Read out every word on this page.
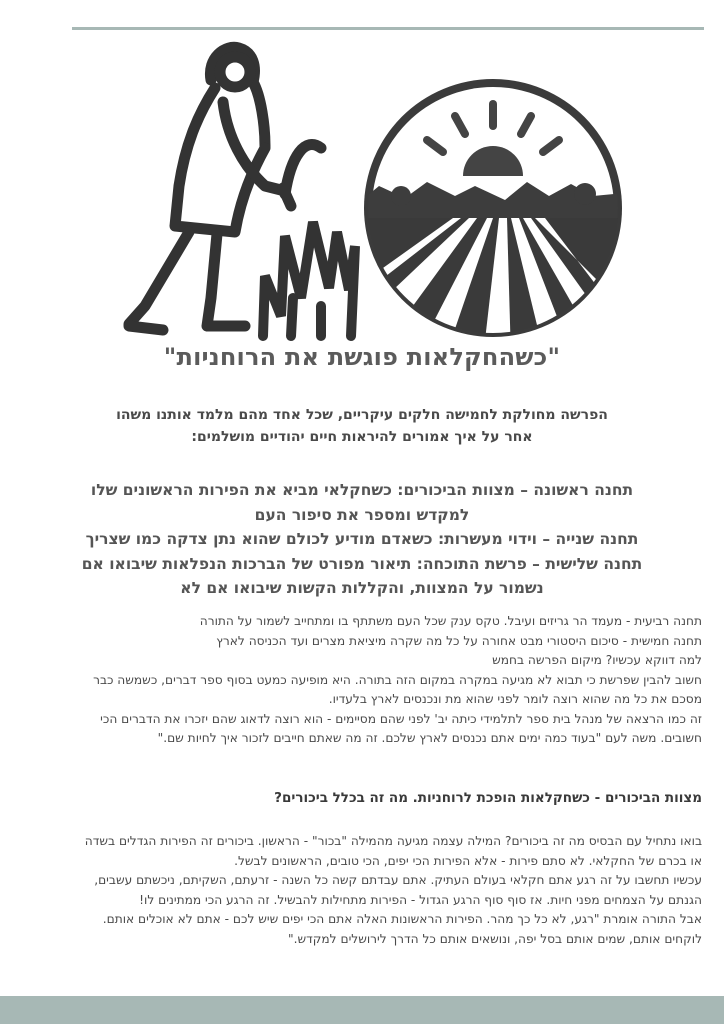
"כשהחקלאות פוגשת את הרוחניות"
הפרשה מחולקת לחמישה חלקים עיקריים, שכל אחד מהם מלמד אותנו משהו
אחר על איך אמורים להיראות חיים יהודיים מושלמים:

תחנה ראשונה – מצוות הביכורים: כשחקלאי מביא את הפירות הראשונים שלו

למקדש ומספר את סיפור העם

תחנה שנייה – וידוי מעשרות: כשאדם מודיע לכולם שהוא נתן צדקה כמו שצריך

תחנה שלישית – פרשת התוכחה: תיאור מפורט של הברכות הנפלאות שיבואו אם

נשמור על המצוות, והקללות הקשות שיבואו אם לא

תחנה רביעית - מעמד הר גריזים ועיבל. טקס ענק שכל העם משתתף בו ומתחייב לשמור על התורה

תחנה חמישית - סיכום היסטורי מבט אחורה על כל מה שקרה מיציאת מצרים ועד הכניסה לארץ

למה דווקא עכשיו? מיקום הפרשה בחמש

חשוב להבין שפרשת כי תבוא לא מגיעה במקרה במקום הזה בתורה. היא מופיעה כמעט בסוף ספר דברים, כשמשה כבר

מסכם את כל מה שהוא רוצה לומר לפני שהוא מת ונכנסים לארץ בלעדיו.

זה כמו הרצאה של מנהל בית ספר לתלמידי כיתה יב' לפני שהם מסיימים - הוא רוצה לדאוג שהם יזכרו את הדברים הכי

חשובים. משה לעם "בעוד כמה ימים אתם נכנסים לארץ שלכם. זה מה שאתם חייבים לזכור איך לחיות שם."

מצוות הביכורים - כשחקלאות הופכת לרוחניות. מה זה בכלל ביכורים?

בואו נתחיל עם הבסיס מה זה ביכורים? המילה עצמה מגיעה מהמילה "בכור" - הראשון. ביכורים זה הפירות הגדלים בשדה

או בכרם של החקלאי. לא סתם פירות - אלא הפירות הכי יפים, הכי טובים, הראשונים לבשל.

עכשיו תחשבו על זה רגע אתם חקלאי בעולם העתיק. אתם עבדתם קשה כל השנה - זרעתם, השקיתם, ניכשתם עשבים,

הגנתם על הצמחים מפני חיות. אז סוף סוף הרגע הגדול - הפירות מתחילות להבשיל. זה הרגע הכי ממתינים לו!

אבל התורה אומרת "רגע, לא כל כך מהר. הפירות הראשונות האלה אתם הכי יפים שיש לכם - אתם לא אוכלים אותם.

לוקחים אותם, שמים אותם בסל יפה, ונושאים אותם כל הדרך לירושלים למקדש."
